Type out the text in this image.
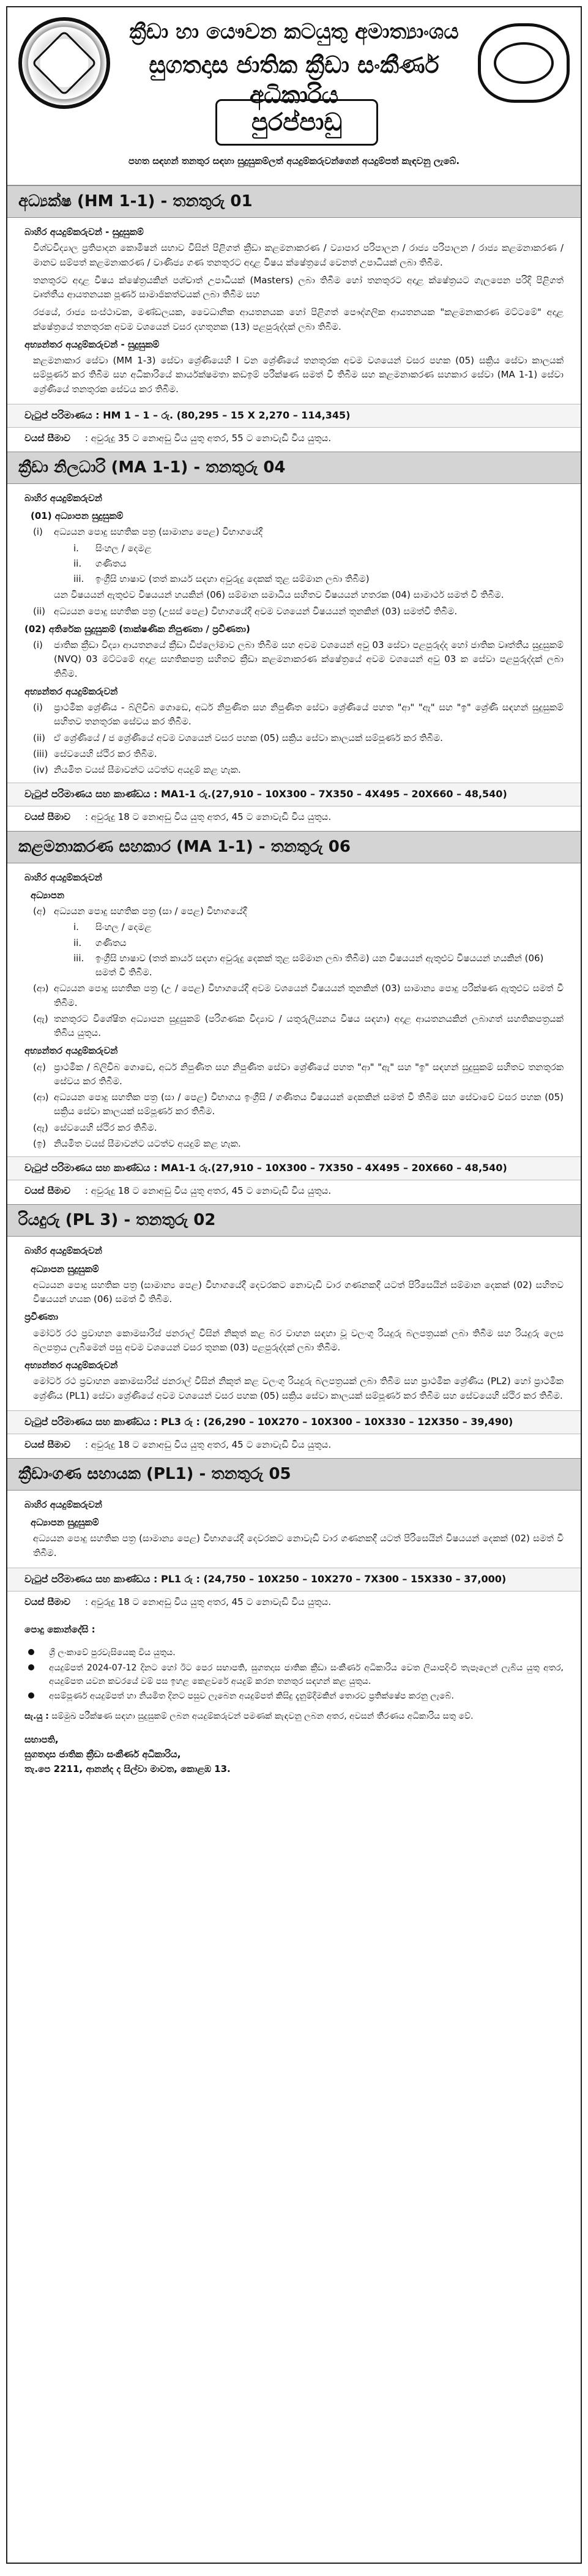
ක්‍රීඩා හා යෞවන කටයුතු අමාත්‍යාංශය
සුගතදාස ජාතික ක්‍රීඩා සංකීර්ණ අධිකාරිය
පුරප්පාඩු
පහත සඳහන් තනතුර සඳහා සුදුසුකම්ලත් අයදුම්කරුවන්ගෙන් අයදුම්පත් කැඳවනු ලැබේ.
අධ්‍යක්ෂ (HM 1-1) - තනතුරු 01
බාහිර අයදුම්කරුවන් - සුදුසුකම්
විශ්වවිද්‍යාල ප්‍රතිපාදන කොමිෂන් සභාව විසින් පිළිගත් ක්‍රීඩා කළමනාකරණ / ව්‍යාපාර පරිපාලන / රාජ්‍ය පරිපාලන / රාජ්‍ය කළමනාකරණ / මානව සම්පත් කළමනාකරණ / වාණිජ්‍ය ගණ තනතුරට අදාළ විෂය ක්ෂේත්‍රයේ වෙනත් උපාධියක් ලබා තිබීම.
තනතුරට අදාළ විෂය ක්ෂේත්‍රයකින් පශ්චාත් උපාධියක් (Masters) ලබා තිබීම හෝ තනතුරට අදාළ ක්ෂේත්‍රයට ගැලපෙන පරිදි පිළිගත් වෘත්තීය ආයතනයක පූර්ණ සාමාජිකත්වයක් ලබා තිබීම සහ
රජයේ, රාජ්‍ය සංස්ථාවක, මණ්ඩලයක, වෛධානික ආයතනයක හෝ පිළිගත් පෞද්ගලික ආයතනයක "කළමනාකරණ මට්ටමේ" අදාළ ක්ෂේත්‍රයේ තනතුරක අවම වශයෙන් වසර දහතුනක (13) පළපුරුද්දක් ලබා තිබීම.
අභ්‍යන්තර අයදුම්කරුවන් - සුදුසුකම්
කළමනාකාර සේවා (MM 1-3) සේවා ශ්‍රේණියෙහි I වන ශ්‍රේණියේ තනතුරක අවම වශයෙන් වසර පහක (05) සක්‍රිය සේවා කාලයක් සම්පූර්ණ කර තිබීම සහ අධිකාරියේ කාර්යක්ෂමතා කඩඉම් පරීක්ෂණ සමත් වී තිබීම සහ කළමනාකරණ සහකාර සේවා (MA 1-1) සේවා ශ්‍රේණියේ තනතුරක සේවය කර තිබීම.
වැටුප් පරිමාණය : HM 1 – 1 – රු. (80,295 – 15 X 2,270 – 114,345)
වයස් සීමාව : අවුරුදු 35 ට නොඅඩු විය යුතු අතර, 55 ට නොවැඩි විය යුතුය.
ක්‍රීඩා නිලධාරි (MA 1-1) - තනතුරු 04
බාහිර අයදුම්කරුවන්
(01) අධ්‍යාපන සුදුසුකම්
(i) අධ්‍යයන පොදු සහතික පත්‍ර (සාමාන්‍ය පෙළ) විභාගයේදී
i. සිංහල / දෙමළ
ii. ගණිතය
iii. ඉංග්‍රීසි භාෂාව (තත් කාර්ය සඳහා අවුරුදු දෙකක් තුළ සම්මාන ලබා තිබීම)
යන විෂයයන් ඇතුළුව විෂයයන් හයකින් (06) සම්මාන සමාධිය සහිතව විෂයයන් හතරක (04) සාමාර්ථ සමත් වී තිබීම.
(ii) අධ්‍යයන පොදු සහතික පත්‍ර (උසස් පෙළ) විභාගයේදී අවම වශයෙන් විෂයයන් තුනකින් (03) සමත්වී තිබීම.
(02) අතිරේක සුදුසුකම් (තාක්ෂණික නිපුණතා / ප්‍රවීණතා)
(i) ජාතික ක්‍රීඩා විද්‍යා ආයතනයේ ක්‍රීඩා ඩිප්ලෝමාව ලබා තිබීම සහ අවම වශයෙන් අවු 03 සේවා පළපුරුද්ද හෝ ජාතික වෘත්තීය සුදුසුකම් (NVQ) 03 මට්ටමේ අදාළ සහතිකපත්‍ර සහිතව ක්‍රීඩා කළමනාකරණ ක්ෂේත්‍රයේ අවම වශයෙන් අවු 03 ක සේවා පළපුරුද්දක් ලබා තිබීම.
අභ්‍යන්තර අයදුම්කරුවන්
(i) ප්‍රාථමික ශ්‍රේණිය - බ්ලිචිබ ගොඩෙ, අර්ධ නිපුණිත සහ නිපුණිත සේවා ශ්‍රේණියේ පහත "ආ" "ඇ" සහ "ඉ" ශ්‍රේණි සඳහන් සුදුසුකම් සහිතව තනතුරක සේවය කර තිබීම.
(ii) ඒ ශ්‍රේණියේ / ජ ශ්‍රේණියේ අවම වශයෙන් වසර පහක (05) සක්‍රිය සේවා කාලයක් සම්පූර්ණ කර තිබීම.
(iii) සේවයෙහි ස්ථිර කර තිබීම.
(iv) නියමිත වයස් සීමාවන්ට යටත්ව අයදුම් කළ හැක.
වැටුප් පරිමාණය සහ කාණ්ඩය : MA1-1 රු.(27,910 – 10X300 – 7X350 – 4X495 – 20X660 – 48,540)
වයස් සීමාව : අවුරුදු 18 ට නොඅඩු විය යුතු අතර, 45 ට නොවැඩි විය යුතුය.
කළමනාකරණ සහකාර (MA 1-1) - තනතුරු 06
බාහිර අයදුම්කරුවන්
අධ්‍යාපන
(අ) අධ්‍යයන පොදු සහතික පත්‍ර (සා / පෙළ) විභාගයේදී
i. සිංහල / දෙමළ
ii. ගණිතය
iii. ඉංග්‍රීසි භාෂාව (තත් කාර්ය සඳහා අවුරුදු දෙකක් තුළ සම්මාන ලබා තිබීම) යන විෂයයන් ඇතුළුව විෂයයන් හයකින් (06) සමත් වී තිබීම.
(ආ) අධ්‍යයන පොදු සහතික පත්‍ර (උ / පෙළ) විභාගයේදී අවම වශයෙන් විෂයයන් තුනකින් (03) සාමාන්‍ය පොදු පරීක්ෂණ ඇතුළුව සමත් වී තිබීම.
(ඇ) තනතුරට විශේෂිත අධ්‍යාපන සුදුසුකම් (පරිගණක විද්‍යාව / යතුරුලියනය විෂය සඳහා) අදාළ ආයතනයකින් ලබාගත් සහතිකපත්‍රයක් තිබිය යුතුය.
අභ්‍යන්තර අයදුම්කරුවන්
(අ) ප්‍රාථමික / බ්ලිචිබ ගොඩෙ, අර්ධ නිපුණිත සහ නිපුණිත සේවා ශ්‍රේණියේ පහත "ආ" "ඇ" සහ "ඉ" සඳහන් සුදුසුකම් සහිතව තනතුරක සේවය කර තිබීම.
(ආ) අධ්‍යයන පොදු සහතික පත්‍ර (සා / පෙළ) විභාගය ඉංග්‍රීසි / ගණිතය විෂයයන් දෙකකින් සමත් වී තිබීම සහ සේවාවේ වසර පහක (05) සක්‍රිය සේවා කාලයක් සම්පූර්ණ කර තිබීම.
(ඇ) සේවයෙහි ස්ථිර කර තිබීම.
(ඉ) නියමිත වයස් සීමාවන්ට යටත්ව අයදුම් කළ හැක.
වැටුප් පරිමාණය සහ කාණ්ඩය : MA1-1 රු.(27,910 – 10X300 – 7X350 – 4X495 – 20X660 – 48,540)
වයස් සීමාව : අවුරුදු 18 ට නොඅඩු විය යුතු අතර, 45 ට නොවැඩි විය යුතුය.
රියදුරු (PL 3) - තනතුරු 02
බාහිර අයදුම්කරුවන්
අධ්‍යාපන සුදුසුකම්
අධ්‍යයන පොදු සහතික පත්‍ර (සාමාන්‍ය පෙළ) විභාගයේදී දෙවරකට නොවැඩි වාර ගණනකදී යටත් පිරිසෙයින් සම්මාන දෙකක් (02) සහිතව විෂයයන් හයක (06) සමත් වී තිබීම.
ප්‍රවීණතා
මෝටර් රථ ප්‍රවාහන කොමසාරිස් ජනරාල් විසින් නිකුත් කළ බර වාහන සඳහා වූ වලංගු රියදුරු බලපත්‍රයක් ලබා තිබීම සහ රියදුරු ලෙස බලපත්‍රය ලැබීමෙන් පසු අවම වශයෙන් වසර තුනක (03) පළපුරුද්දක් ලබා තිබීම.
අභ්‍යන්තර අයදුම්කරුවන්
මෝටර් රථ ප්‍රවාහන කොමසාරිස් ජනරාල් විසින් නිකුත් කළ වලංගු රියදුරු බලපත්‍රයක් ලබා තිබීම සහ ප්‍රාථමික ශ්‍රේණිය (PL2) හෝ ප්‍රාථමික ශ්‍රේණිය (PL1) සේවා ශ්‍රේණියේ අවම වශයෙන් වසර පහක (05) සක්‍රිය සේවා කාලයක් සම්පූර්ණ කර තිබීම සහ සේවයෙහි ස්ථිර කර තිබීම.
වැටුප් පරිමාණය සහ කාණ්ඩය : PL3 රු : (26,290 – 10X270 – 10X300 – 10X330 – 12X350 – 39,490)
වයස් සීමාව : අවුරුදු 18 ට නොඅඩු විය යුතු අතර, 45 ට නොවැඩි විය යුතුය.
ක්‍රීඩාංගණ සහායක (PL1) - තනතුරු 05
බාහිර අයදුම්කරුවන්
අධ්‍යාපන සුදුසුකම්
අධ්‍යයන පොදු සහතික පත්‍ර (සාමාන්‍ය පෙළ) විභාගයේදී දෙවරකට නොවැඩි වාර ගණනකදී යටත් පිරිසෙයින් විෂයයන් දෙකක් (02) සමත් වී තිබීම.
වැටුප් පරිමාණය සහ කාණ්ඩය : PL1 රු : (24,750 – 10X250 – 10X270 – 7X300 – 15X330 – 37,000)
වයස් සීමාව : අවුරුදු 18 ට නොඅඩු විය යුතු අතර, 45 ට නොවැඩි විය යුතුය.
පොදු කොන්දේසි :
ශ්‍රී ලංකාවේ පුරවැසියෙකු විය යුතුය.
අයදුම්පත් 2024-07-12 දිනට හෝ ඊට පෙර සභාපති, සුගතදාස ජාතික ක්‍රීඩා සංකීර්ණ අධිකාරිය වෙත ලියාපදිංචි තැපෑලෙන් ලැබිය යුතු අතර, අයදුම්පත යවන කවරයේ වම් පස ඉහළ කෙළවරේ අයදුම් කරන තනතුර සඳහන් කළ යුතුය.
අසම්පූර්ණ අයදුම්පත් හා නියමිත දිනට පසුව ලැබෙන අයදුම්පත් කිසිදු දැනුම්දීමකින් තොරව ප්‍රතික්ෂේප කරනු ලැබේ.
සැ.යු : සම්මුඛ පරීක්ෂණ සඳහා සුදුසුකම් ලබන අයදුම්කරුවන් පමණක් කැඳවනු ලබන අතර, අවසන් තීරණය අධිකාරිය සතු වේ.
සභාපති,
සුගතදාස ජාතික ක්‍රීඩා සංකීර්ණ අධිකාරිය,
තැ.පෙ 2211, ආනන්ද ද සිල්වා මාවත, කොළඹ 13.
